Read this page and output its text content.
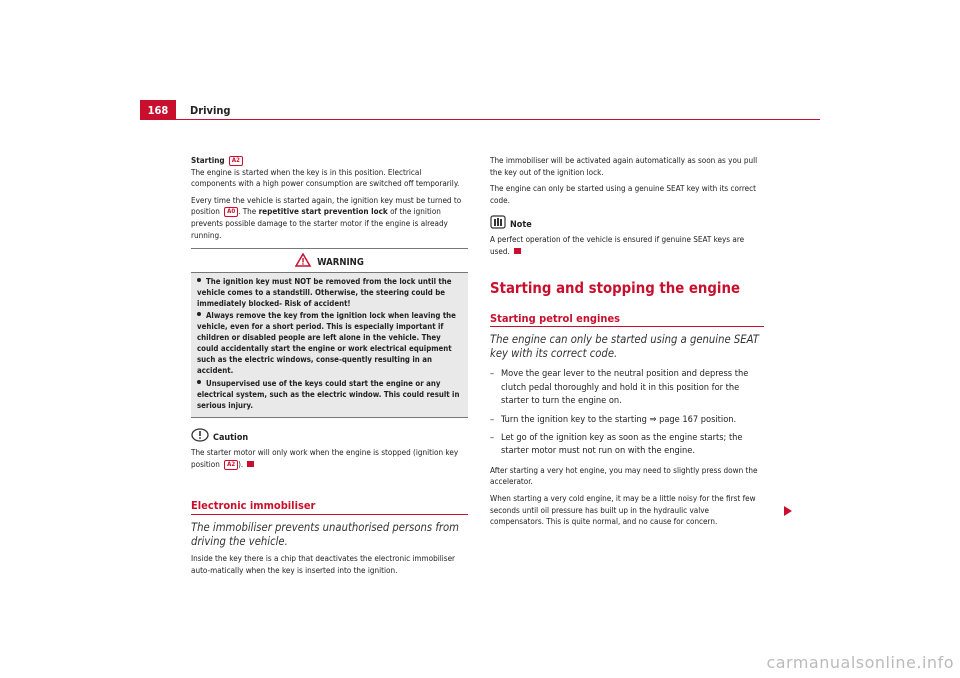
168	Driving

Starting A2
The engine is started when the key is in this position. Electrical components with a high power consumption are switched off temporarily.

Every time the vehicle is started again, the ignition key must be turned to position A0 . The repetitive start prevention lock of the ignition prevents possible damage to the starter motor if the engine is already running.

WARNING
The ignition key must NOT be removed from the lock until the vehicle comes to a standstill. Otherwise, the steering could be immediately blocked- Risk of accident!
Always remove the key from the ignition lock when leaving the vehicle, even for a short period. This is especially important if children or disabled people are left alone in the vehicle. They could accidentally start the engine or work electrical equipment such as the electric windows, conse-quently resulting in an accident.
Unsupervised use of the keys could start the engine or any electrical system, such as the electric window. This could result in serious injury.
Caution
The starter motor will only work when the engine is stopped (ignition key position A2 ).
Electronic immobiliser
The immobiliser prevents unauthorised persons from driving the vehicle.

Inside the key there is a chip that deactivates the electronic immobiliser auto-matically when the key is inserted into the ignition.

The immobiliser will be activated again automatically as soon as you pull the key out of the ignition lock.

The engine can only be started using a genuine SEAT key with its correct code.

Note
A perfect operation of the vehicle is ensured if genuine SEAT keys are used.
Starting and stopping the engine
Starting petrol engines
The engine can only be started using a genuine SEAT key with its correct code.
– Move the gear lever to the neutral position and depress the clutch pedal thoroughly and hold it in this position for the starter to turn the engine on.
– Turn the ignition key to the starting ⇒ page 167 position.
– Let go of the ignition key as soon as the engine starts; the starter motor must not run on with the engine.

After starting a very hot engine, you may need to slightly press down the accelerator.

When starting a very cold engine, it may be a little noisy for the first few seconds until oil pressure has built up in the hydraulic valve compensators. This is quite normal, and no cause for concern.

carmanualsonline.info
